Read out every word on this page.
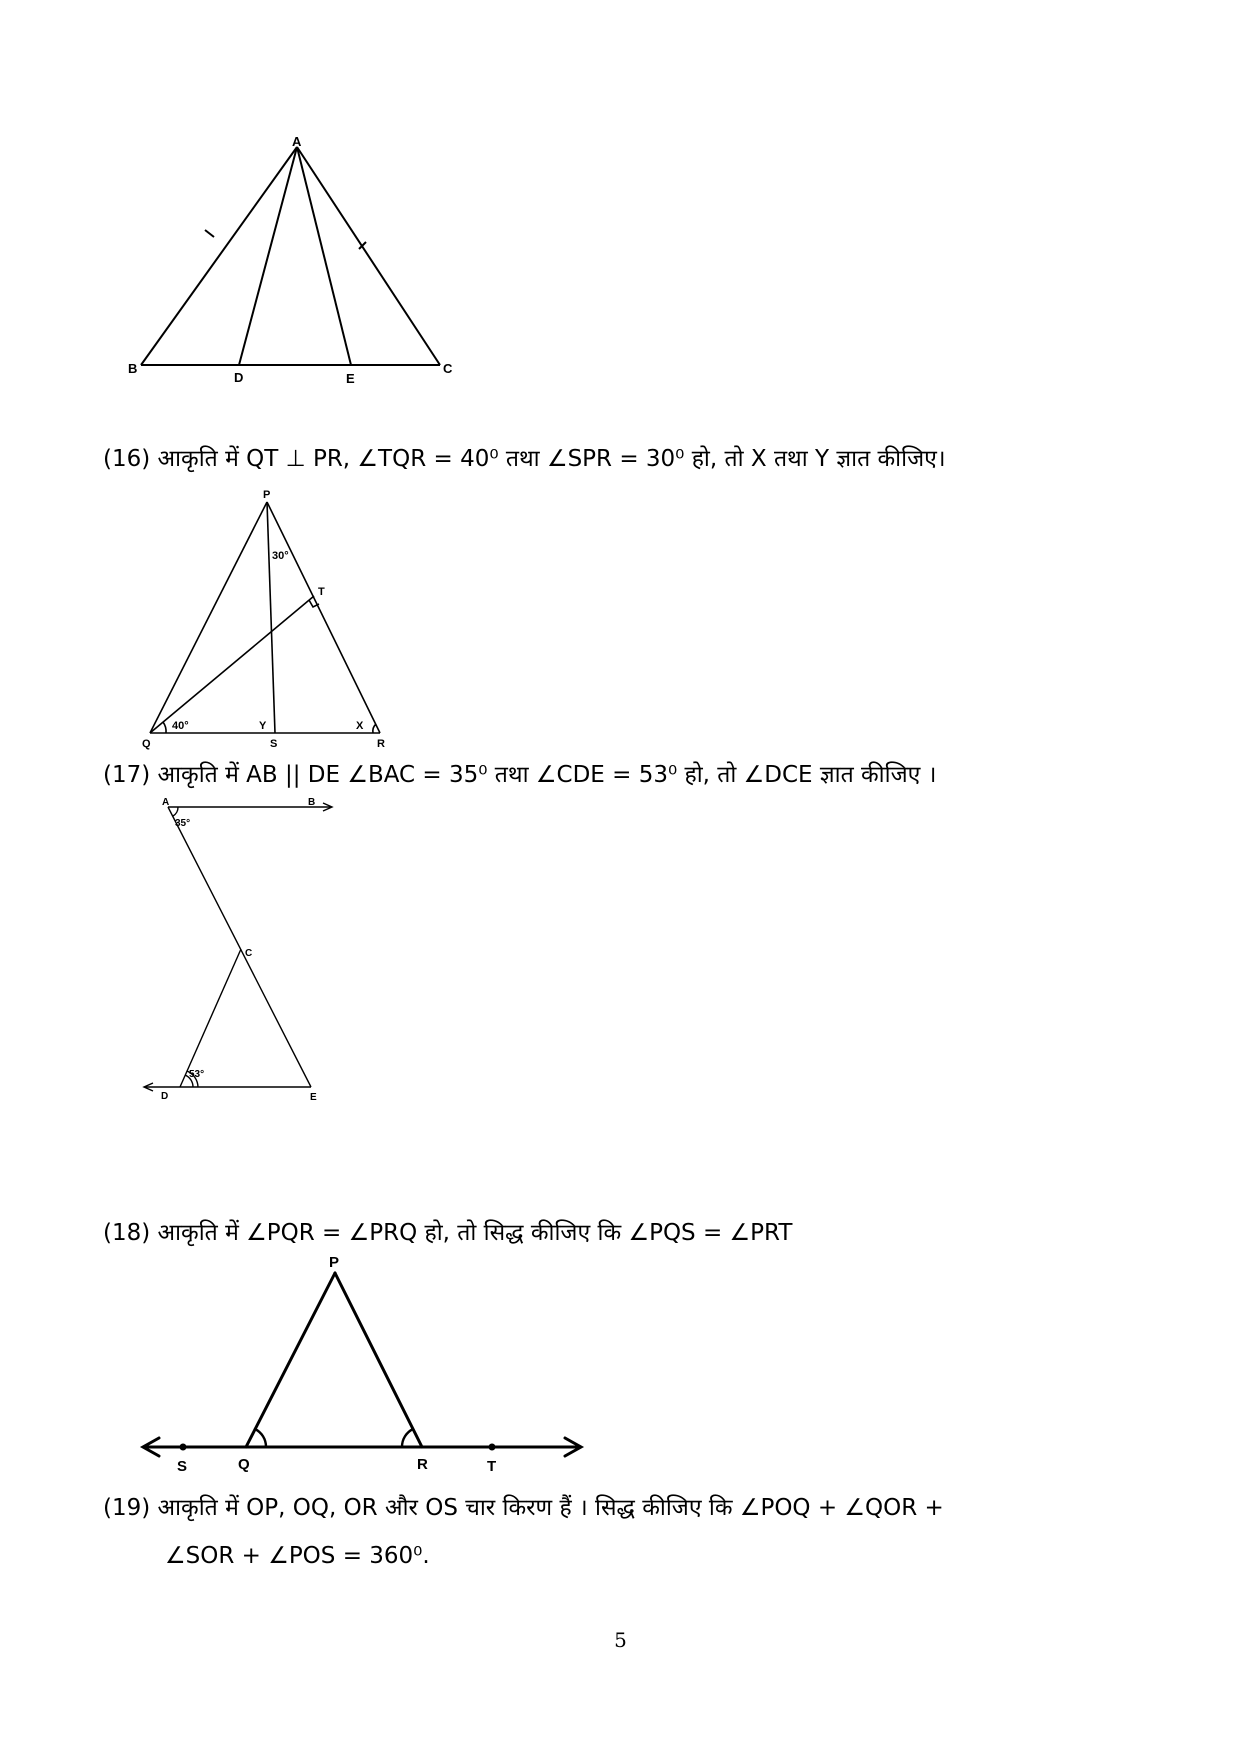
A
B	C
D	E
(16) आकृति में QT ⊥ PR, ∠TQR = 40⁰ तथा ∠SPR = 30⁰ हो, तो X तथा Y ज्ञात कीजिए।
P
Q	R
S
T
X
Y
30°
40°
(17) आकृति में AB || DE ∠BAC = 35⁰ तथा ∠CDE = 53⁰ हो, तो ∠DCE ज्ञात कीजिए ।
A	B
C
D	E
35°
53°
(18) आकृति में ∠PQR = ∠PRQ हो, तो सिद्ध कीजिए कि ∠PQS = ∠PRT
P
Q	R
S	T
(19) आकृति में OP, OQ, OR और OS चार किरण हैं । सिद्ध कीजिए कि ∠POQ + ∠QOR +
∠SOR + ∠POS = 360⁰.
5
